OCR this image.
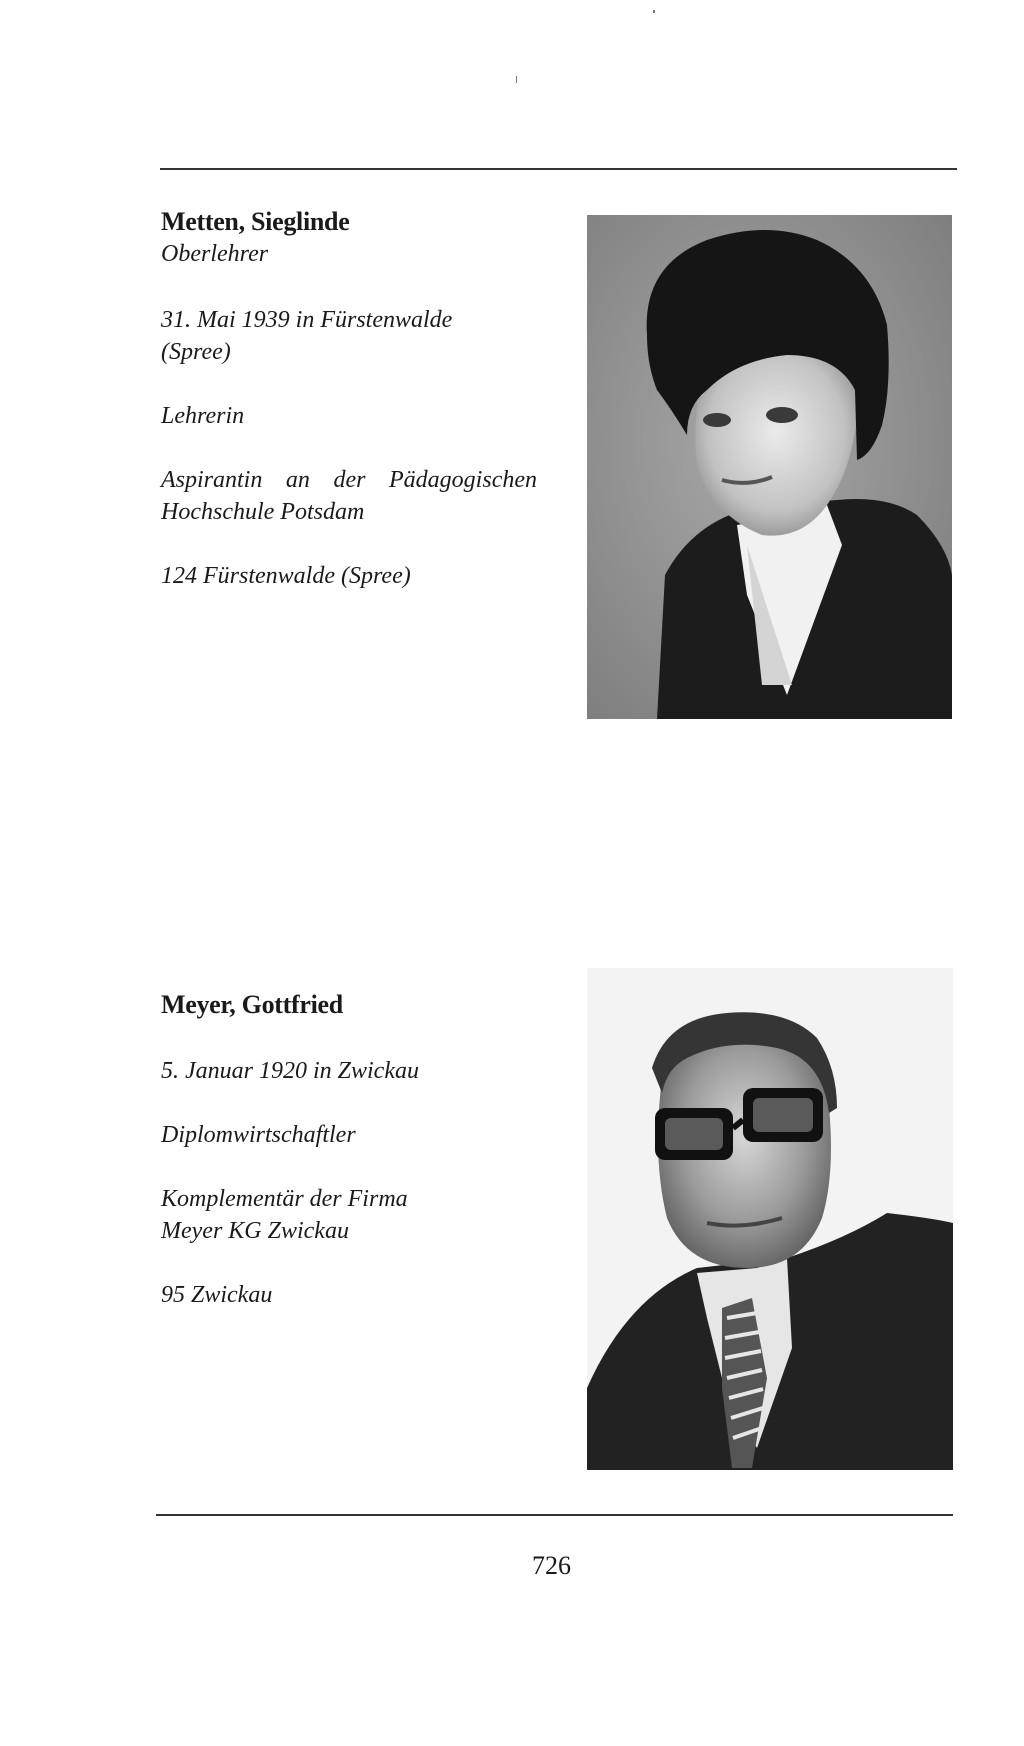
Metten, Sieglinde

Oberlehrer

31. Mai 1939 in Fürstenwalde

(Spree)

Lehrerin

Aspirantin an der Pädagogischen

Hochschule Potsdam

124 Fürstenwalde (Spree)

Meyer, Gottfried

5. Januar 1920 in Zwickau

Diplomwirtschaftler

Komplementär der Firma

Meyer KG Zwickau

95 Zwickau

726
